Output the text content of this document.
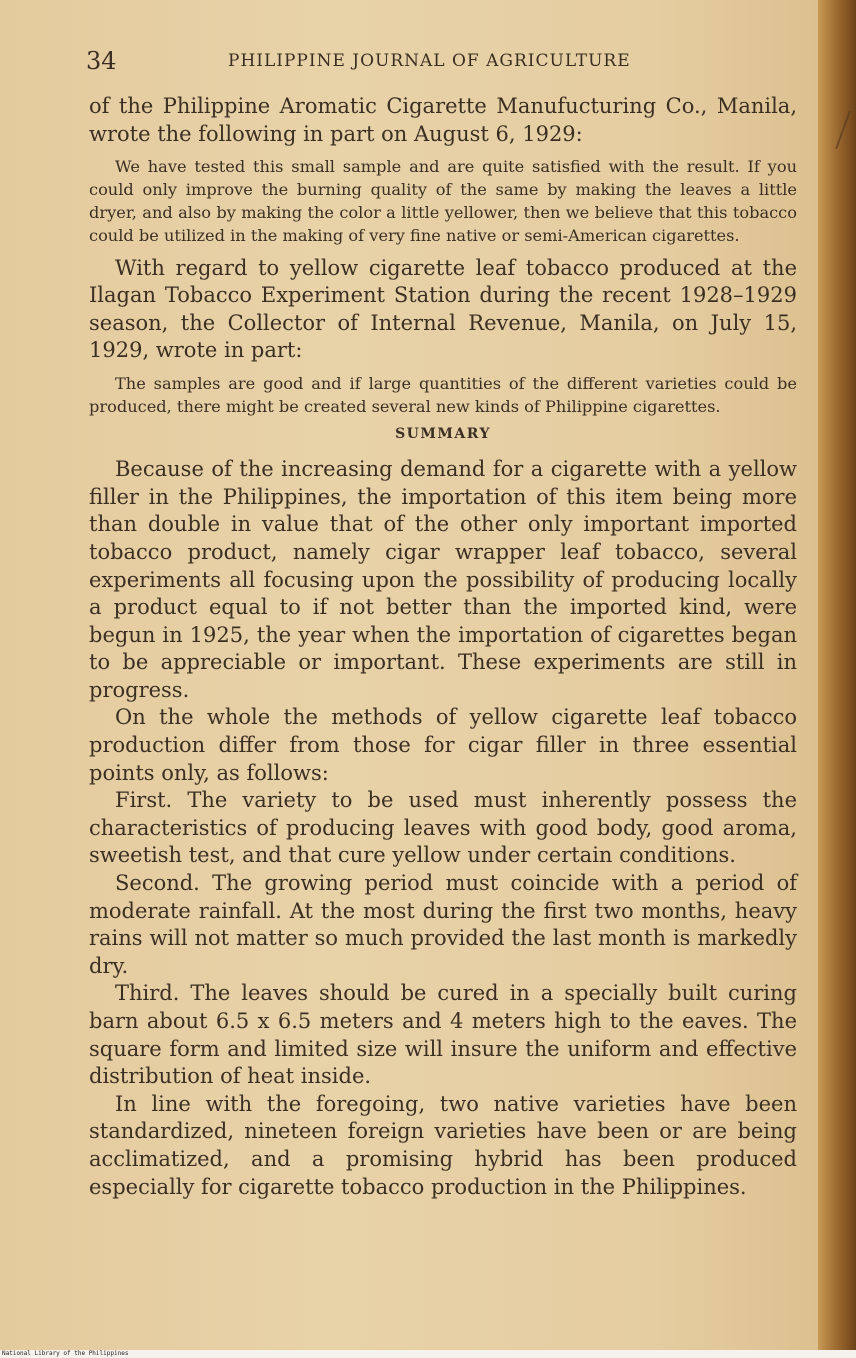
34	PHILIPPINE JOURNAL OF AGRICULTURE

of the Philippine Aromatic Cigarette Manufucturing Co., Manila, wrote the following in part on August 6, 1929:

We have tested this small sample and are quite satisfied with the result. If you could only improve the burning quality of the same by making the leaves a little dryer, and also by making the color a little yellower, then we believe that this tobacco could be utilized in the making of very fine native or semi-American cigarettes.

With regard to yellow cigarette leaf tobacco produced at the Ilagan Tobacco Experiment Station during the recent 1928–1929 season, the Collector of Internal Revenue, Manila, on July 15, 1929, wrote in part:

The samples are good and if large quantities of the different varieties could be produced, there might be created several new kinds of Philippine cigarettes.

SUMMARY

Because of the increasing demand for a cigarette with a yellow filler in the Philippines, the importation of this item being more than double in value that of the other only important imported tobacco product, namely cigar wrapper leaf tobacco, several experiments all focusing upon the possibility of producing locally a product equal to if not better than the imported kind, were begun in 1925, the year when the importation of cigarettes began to be appreciable or important. These experiments are still in progress.

On the whole the methods of yellow cigarette leaf tobacco production differ from those for cigar filler in three essential points only, as follows:

First. The variety to be used must inherently possess the characteristics of producing leaves with good body, good aroma, sweetish test, and that cure yellow under certain conditions.

Second. The growing period must coincide with a period of moderate rainfall. At the most during the first two months, heavy rains will not matter so much provided the last month is markedly dry.

Third. The leaves should be cured in a specially built curing barn about 6.5 x 6.5 meters and 4 meters high to the eaves. The square form and limited size will insure the uniform and effective distribution of heat inside.

In line with the foregoing, two native varieties have been standardized, nineteen foreign varieties have been or are being acclimatized, and a promising hybrid has been produced especially for cigarette tobacco production in the Philippines.

National Library of the Philippines
